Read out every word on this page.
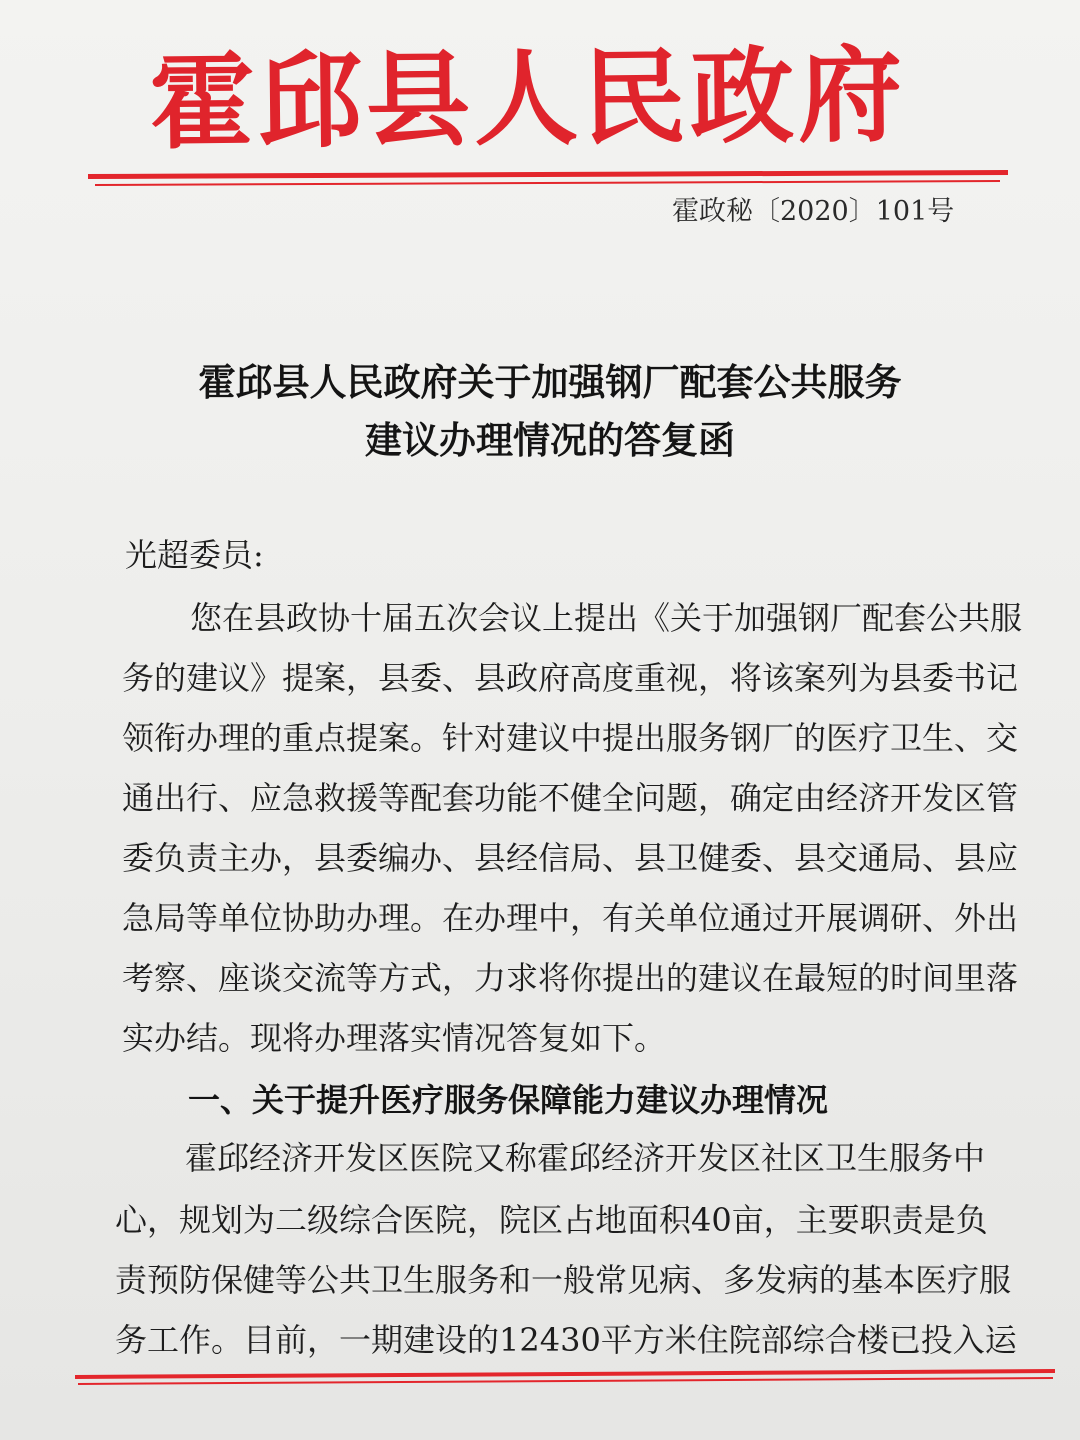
霍邱县人民政府
霍政秘〔2020〕101号
霍邱县人民政府关于加强钢厂配套公共服务
建议办理情况的答复函
光超委员:
您在县政协十届五次会议上提出《关于加强钢厂配套公共服
务的建议》提案，县委、县政府高度重视，将该案列为县委书记
领衔办理的重点提案。针对建议中提出服务钢厂的医疗卫生、交
通出行、应急救援等配套功能不健全问题，确定由经济开发区管
委负责主办，县委编办、县经信局、县卫健委、县交通局、县应
急局等单位协助办理。在办理中，有关单位通过开展调研、外出
考察、座谈交流等方式，力求将你提出的建议在最短的时间里落
实办结。现将办理落实情况答复如下。
一、关于提升医疗服务保障能力建议办理情况
霍邱经济开发区医院又称霍邱经济开发区社区卫生服务中
心，规划为二级综合医院，院区占地面积40亩，主要职责是负
责预防保健等公共卫生服务和一般常见病、多发病的基本医疗服
务工作。目前，一期建设的12430平方米住院部综合楼已投入运
